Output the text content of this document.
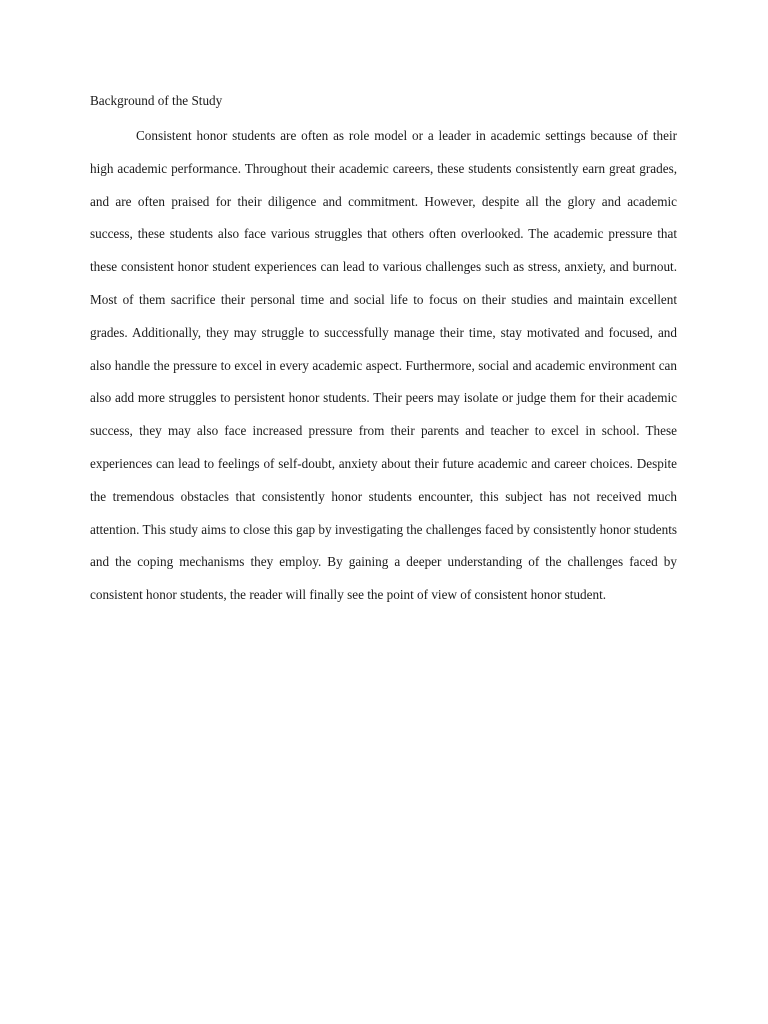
Background of the Study

Consistent honor students are often as role model or a leader in academic settings because of their high academic performance. Throughout their academic careers, these students consistently earn great grades, and are often praised for their diligence and commitment. However, despite all the glory and academic success, these students also face various struggles that others often overlooked. The academic pressure that these consistent honor student experiences can lead to various challenges such as stress, anxiety, and burnout. Most of them sacrifice their personal time and social life to focus on their studies and maintain excellent grades. Additionally, they may struggle to successfully manage their time, stay motivated and focused, and also handle the pressure to excel in every academic aspect. Furthermore, social and academic environment can also add more struggles to persistent honor students. Their peers may isolate or judge them for their academic success, they may also face increased pressure from their parents and teacher to excel in school. These experiences can lead to feelings of self-doubt, anxiety about their future academic and career choices. Despite the tremendous obstacles that consistently honor students encounter, this subject has not received much attention. This study aims to close this gap by investigating the challenges faced by consistently honor students and the coping mechanisms they employ. By gaining a deeper understanding of the challenges faced by consistent honor students, the reader will finally see the point of view of consistent honor student.
